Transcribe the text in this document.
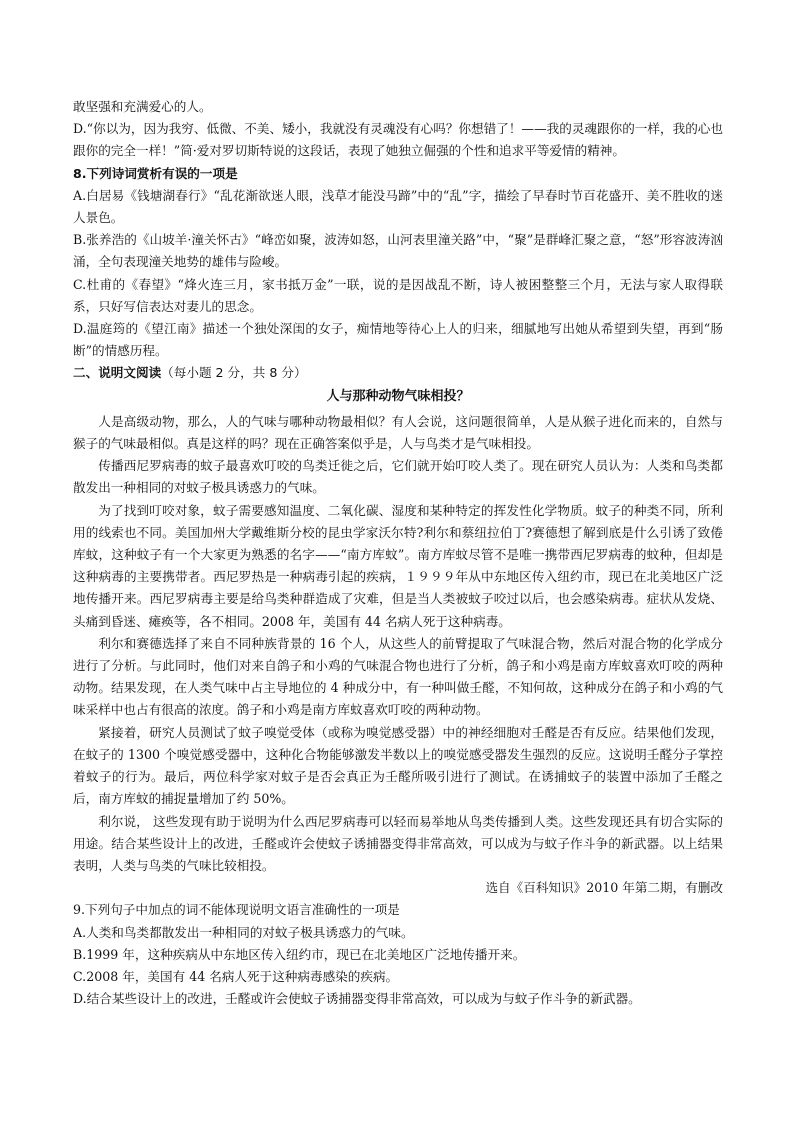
敢坚强和充满爱心的人。
D.“你以为，因为我穷、低微、不美、矮小，我就没有灵魂没有心吗？你想错了！——我的灵魂跟你的一样，我的心也跟你的完全一样！”简·爱对罗切斯特说的这段话，表现了她独立倔强的个性和追求平等爱情的精神。
8.下列诗词赏析有误的一项是
A.白居易《钱塘湖春行》“乱花渐欲迷人眼，浅草才能没马蹄”中的“乱”字，描绘了早春时节百花盛开、美不胜收的迷人景色。
B.张养浩的《山坡羊·潼关怀古》“峰峦如聚，波涛如怒，山河表里潼关路”中，“聚”是群峰汇聚之意，“怒”形容波涛汹涌，全句表现潼关地势的雄伟与险峻。
C.杜甫的《春望》“烽火连三月，家书抵万金”一联，说的是因战乱不断，诗人被困整整三个月，无法与家人取得联系，只好写信表达对妻儿的思念。
D.温庭筠的《望江南》描述一个独处深闺的女子，痴情地等待心上人的归来，细腻地写出她从希望到失望，再到“肠断”的情感历程。
二、说明文阅读（每小题 2 分，共 8 分）
人与那种动物气味相投？
人是高级动物，那么，人的气味与哪种动物最相似？有人会说，这问题很简单，人是从猴子进化而来的，自然与猴子的气味最相似。真是这样的吗？现在正确答案似乎是，人与鸟类才是气味相投。
传播西尼罗病毒的蚊子最喜欢叮咬的鸟类迁徙之后，它们就开始叮咬人类了。现在研究人员认为：人类和鸟类都散发出一种相同的对蚊子极具诱惑力的气味。
为了找到叮咬对象，蚊子需要感知温度、二氧化碳、湿度和某种特定的挥发性化学物质。蚊子的种类不同，所利用的线索也不同。美国加州大学戴维斯分校的昆虫学家沃尔特?利尔和蔡纽拉伯丁?赛德想了解到底是什么引诱了致倦库蚊，这种蚊子有一个大家更为熟悉的名字——“南方库蚊”。南方库蚊尽管不是唯一携带西尼罗病毒的蚊种，但却是这种病毒的主要携带者。西尼罗热是一种病毒引起的疾病，１９９９年从中东地区传入纽约市，现已在北美地区广泛地传播开来。西尼罗病毒主要是给鸟类种群造成了灾难，但是当人类被蚊子咬过以后，也会感染病毒。症状从发烧、头痛到昏迷、瘫痪等，各不相同。2008 年，美国有 44 名病人死于这种病毒。
利尔和赛德选择了来自不同种族背景的 16 个人，从这些人的前臂提取了气味混合物，然后对混合物的化学成分进行了分析。与此同时，他们对来自鸽子和小鸡的气味混合物也进行了分析，鸽子和小鸡是南方库蚊喜欢叮咬的两种动物。结果发现，在人类气味中占主导地位的 4 种成分中，有一种叫做壬醛，不知何故，这种成分在鸽子和小鸡的气味采样中也占有很高的浓度。鸽子和小鸡是南方库蚊喜欢叮咬的两种动物。
紧接着，研究人员测试了蚊子嗅觉受体（或称为嗅觉感受器）中的神经细胞对壬醛是否有反应。结果他们发现，在蚊子的 1300 个嗅觉感受器中，这种化合物能够激发半数以上的嗅觉感受器发生强烈的反应。这说明壬醛分子掌控着蚊子的行为。最后，两位科学家对蚊子是否会真正为壬醛所吸引进行了测试。在诱捕蚊子的装置中添加了壬醛之后，南方库蚊的捕捉量增加了约 50%。
利尔说， 这些发现有助于说明为什么西尼罗病毒可以轻而易举地从鸟类传播到人类。这些发现还具有切合实际的用途。结合某些设计上的改进，壬醛或许会使蚊子诱捕器变得非常高效，可以成为与蚊子作斗争的新武器。以上结果表明，人类与鸟类的气味比较相投。
选自《百科知识》2010 年第二期，有删改
9.下列句子中加点的词不能体现说明文语言准确性的一项是
A.人类和鸟类都散发出一种相同的对蚊子极具诱惑力的气味。
B.1999 年，这种疾病从中东地区传入纽约市，现已在北美地区广泛地传播开来。
C.2008 年，美国有 44 名病人死于这种病毒感染的疾病。
D.结合某些设计上的改进，壬醛或许会使蚊子诱捕器变得非常高效，可以成为与蚊子作斗争的新武器。
